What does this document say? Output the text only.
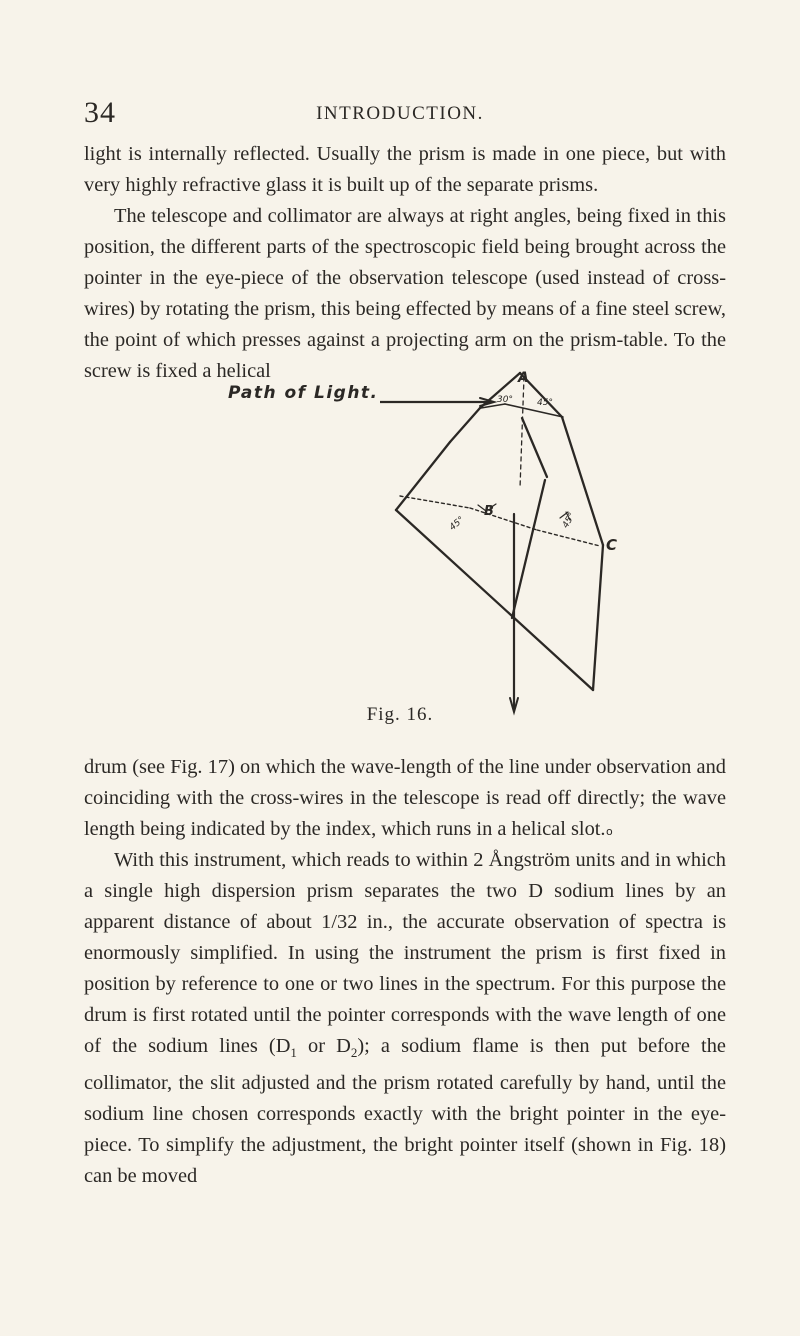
34	INTRODUCTION.

light is internally reflected. Usually the prism is made in one piece, but with very highly refractive glass it is built up of the separate prisms.

The telescope and collimator are always at right angles, being fixed in this position, the different parts of the spectroscopic field being brought across the pointer in the eye-piece of the observation telescope (used instead of cross-wires) by rotating the prism, this being effected by means of a fine steel screw, the point of which presses against a projecting arm on the prism-table. To the screw is fixed a helical

Path of Light.
A
B
C
30°	45°
45°	45°
Fig. 16.

drum (see Fig. 17) on which the wave-length of the line under observation and coinciding with the cross-wires in the telescope is read off directly; the wave length being indicated by the index, which runs in a helical slot.

With this instrument, which reads to within 2 Ångström units and in which a single high dispersion prism separates the two D sodium lines by an apparent distance of about 1/32 in., the accurate observation of spectra is enormously simplified. In using the instrument the prism is first fixed in position by reference to one or two lines in the spectrum. For this purpose the drum is first rotated until the pointer corresponds with the wave length of one of the sodium lines ($D_1$ or $D_2$); a sodium flame is then put before the collimator, the slit adjusted and the prism rotated carefully by hand, until the sodium line chosen corresponds exactly with the bright pointer in the eye-piece. To simplify the adjustment, the bright pointer itself (shown in Fig. 18) can be moved

o
